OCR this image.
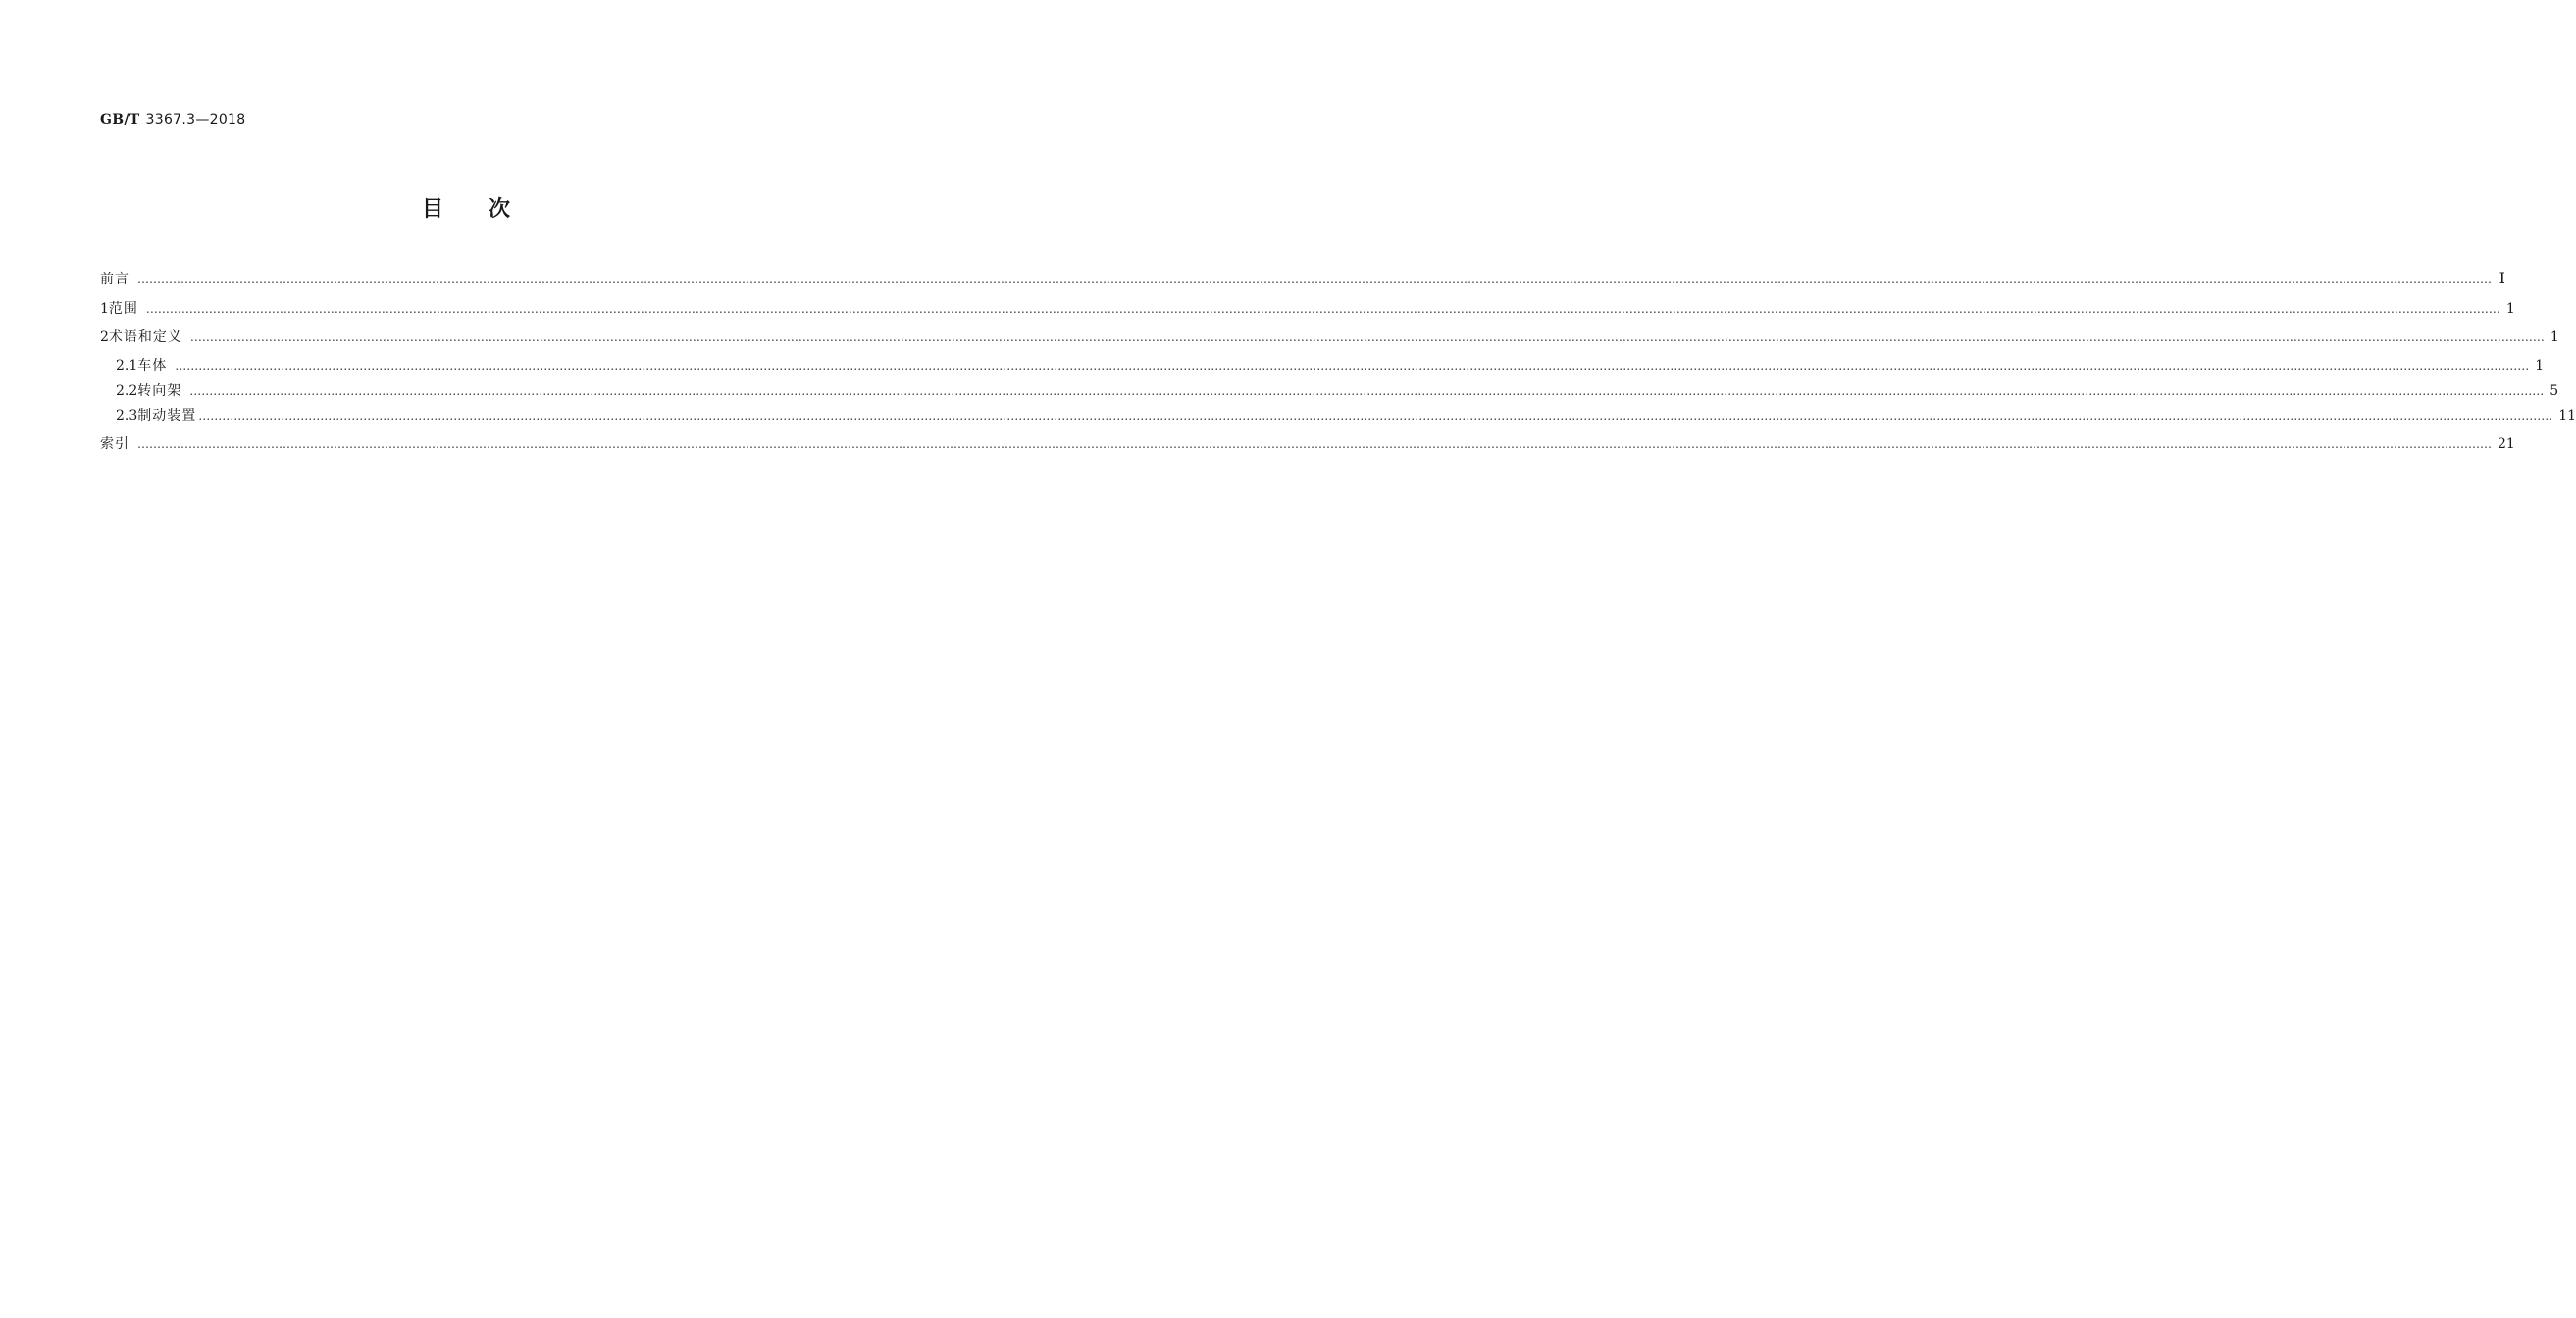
GB/T 3367.3—2018
目 次
前言 …………………………………………………………………………………………………………………………………………………………………………………………………………………………………………………………………………………………………………………………………………………………………………………………………………………………………………………………………………………………………………………………………………………… Ⅰ
1 范围 …………………………………………………………………………………………………………………………………………………………………………………………………………………………………………………………………………………………………………………………………………………………………………………………………………………………………………………………………………………………………………………………………………………… 1
2 术语和定义 …………………………………………………………………………………………………………………………………………………………………………………………………………………………………………………………………………………………………………………………………………………………………………………………………………………………………………………………………………………………………………………………………………………… 1
2.1 车体 …………………………………………………………………………………………………………………………………………………………………………………………………………………………………………………………………………………………………………………………………………………………………………………………………………………………………………………………………………………………………………………………………………………… 1
2.2 转向架 …………………………………………………………………………………………………………………………………………………………………………………………………………………………………………………………………………………………………………………………………………………………………………………………………………………………………………………………………………………………………………………………………………………… 5
2.3 制动装置 …………………………………………………………………………………………………………………………………………………………………………………………………………………………………………………………………………………………………………………………………………………………………………………………………………………………………………………………………………………………………………………………………………………… 11
索引 …………………………………………………………………………………………………………………………………………………………………………………………………………………………………………………………………………………………………………………………………………………………………………………………………………………………………………………………………………………………………………………………………………………… 21
